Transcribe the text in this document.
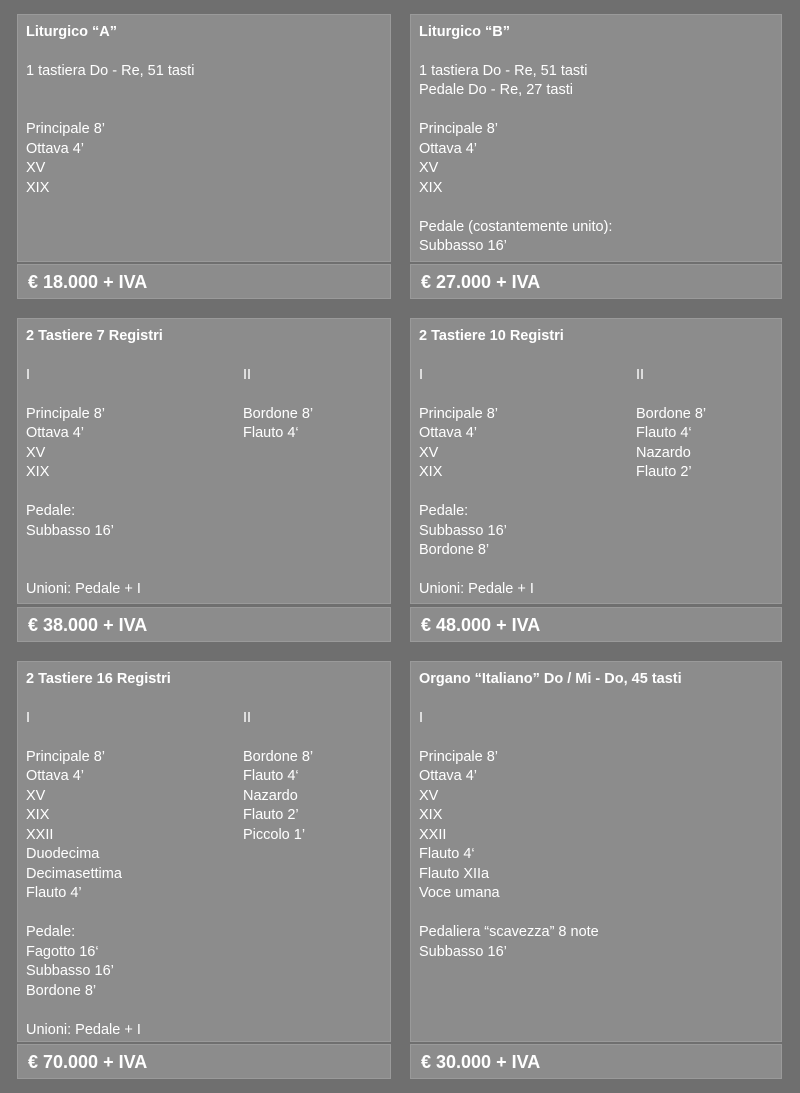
Liturgico “A”
1 tastiera Do - Re, 51 tasti
Principale 8’
Ottava 4’
XV
XIX
€ 18.000 + IVA
Liturgico “B”
1 tastiera Do - Re, 51 tasti
Pedale Do - Re, 27 tasti
Principale 8’
Ottava 4’
XV
XIX
Pedale (costantemente unito):
Subbasso 16’
€ 27.000 + IVA
2 Tastiere 7 Registri
I
Principale 8’
Ottava 4’
XV
XIX
II
Bordone 8’
Flauto 4‘
Pedale:
Subbasso 16’
Unioni: Pedale + I
€ 38.000 + IVA
2 Tastiere 10 Registri
I
Principale 8’
Ottava 4’
XV
XIX
II
Bordone 8’
Flauto 4‘
Nazardo
Flauto 2’
Pedale:
Subbasso 16’
Bordone 8’
Unioni: Pedale + I
€ 48.000 + IVA
2 Tastiere 16 Registri
I
Principale 8’
Ottava 4’
XV
XIX
XXII
Duodecima
Decimasettima
Flauto 4’
II
Bordone 8’
Flauto 4‘
Nazardo
Flauto 2’
Piccolo 1’
Pedale:
Fagotto 16‘
Subbasso 16’
Bordone 8’
Unioni: Pedale + I
€ 70.000 + IVA
Organo “Italiano” Do / Mi - Do, 45 tasti
I
Principale 8’
Ottava 4’
XV
XIX
XXII
Flauto 4‘
Flauto XIIa
Voce umana
Pedaliera “scavezza” 8 note
Subbasso 16’
€ 30.000 + IVA
